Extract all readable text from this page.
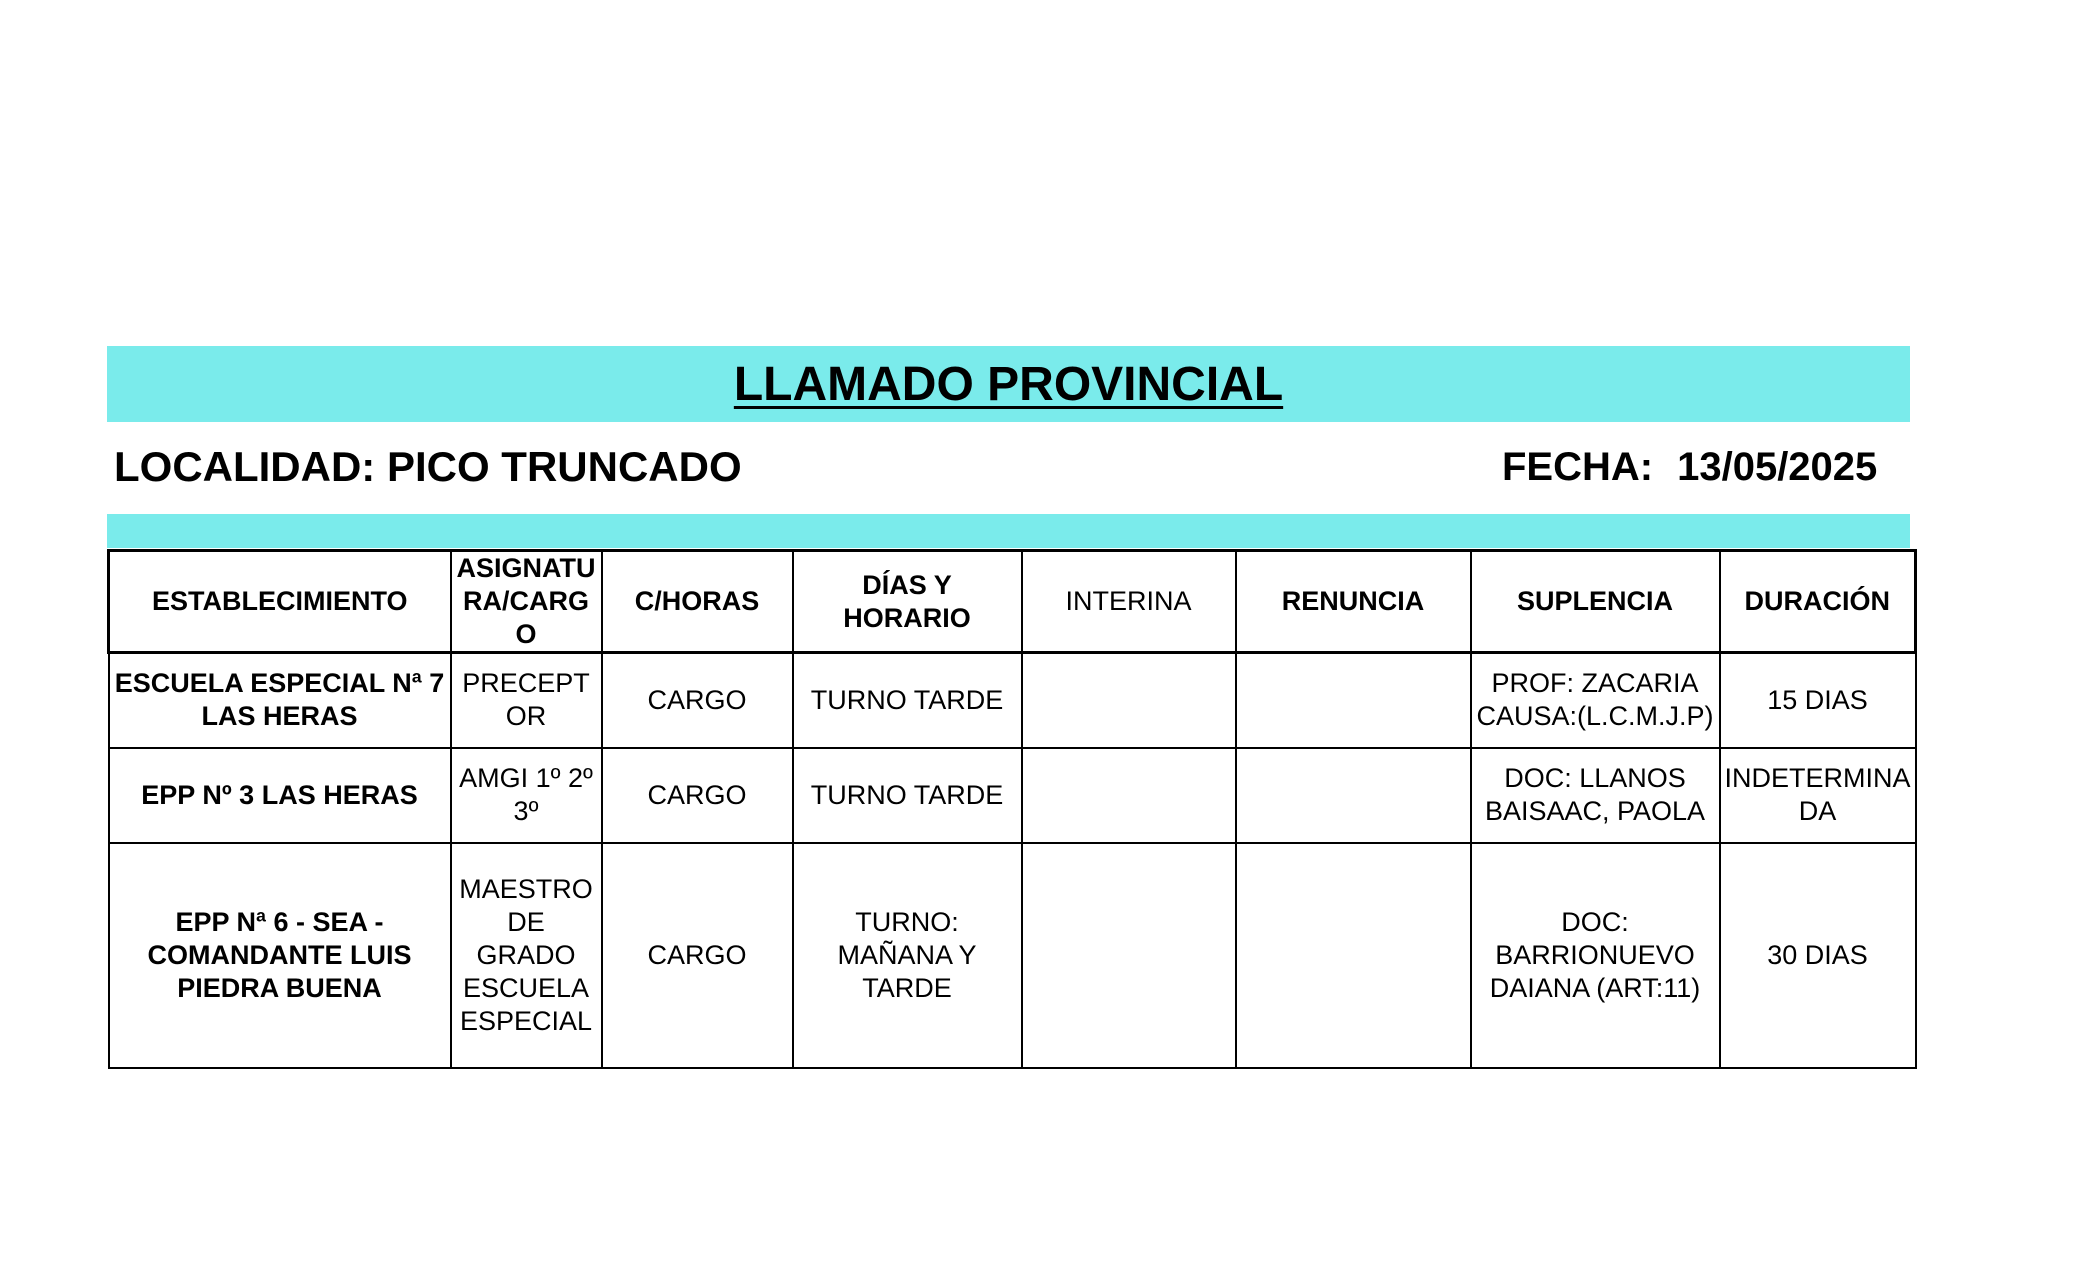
LLAMADO PROVINCIAL
LOCALIDAD: PICO TRUNCADO	FECHA: 13/05/2025
ESTABLECIMIENTO	ASIGNATURA/CARGO	C/HORAS	DÍAS Y HORARIO	INTERINA	RENUNCIA	SUPLENCIA	DURACIÓN
ESCUELA ESPECIAL Nª 7 LAS HERAS	PRECEPTOR	CARGO	TURNO TARDE			PROF: ZACARIA CAUSA:(L.C.M.J.P)	15 DIAS
EPP Nº 3 LAS HERAS	AMGI 1º 2º 3º	CARGO	TURNO TARDE			DOC: LLANOS BAISAAC, PAOLA	INDETERMINADA
EPP Nª 6 - SEA - COMANDANTE LUIS PIEDRA BUENA	MAESTRO DE GRADO ESCUELA ESPECIAL	CARGO	TURNO: MAÑANA Y TARDE			DOC: BARRIONUEVO DAIANA (ART:11)	30 DIAS
